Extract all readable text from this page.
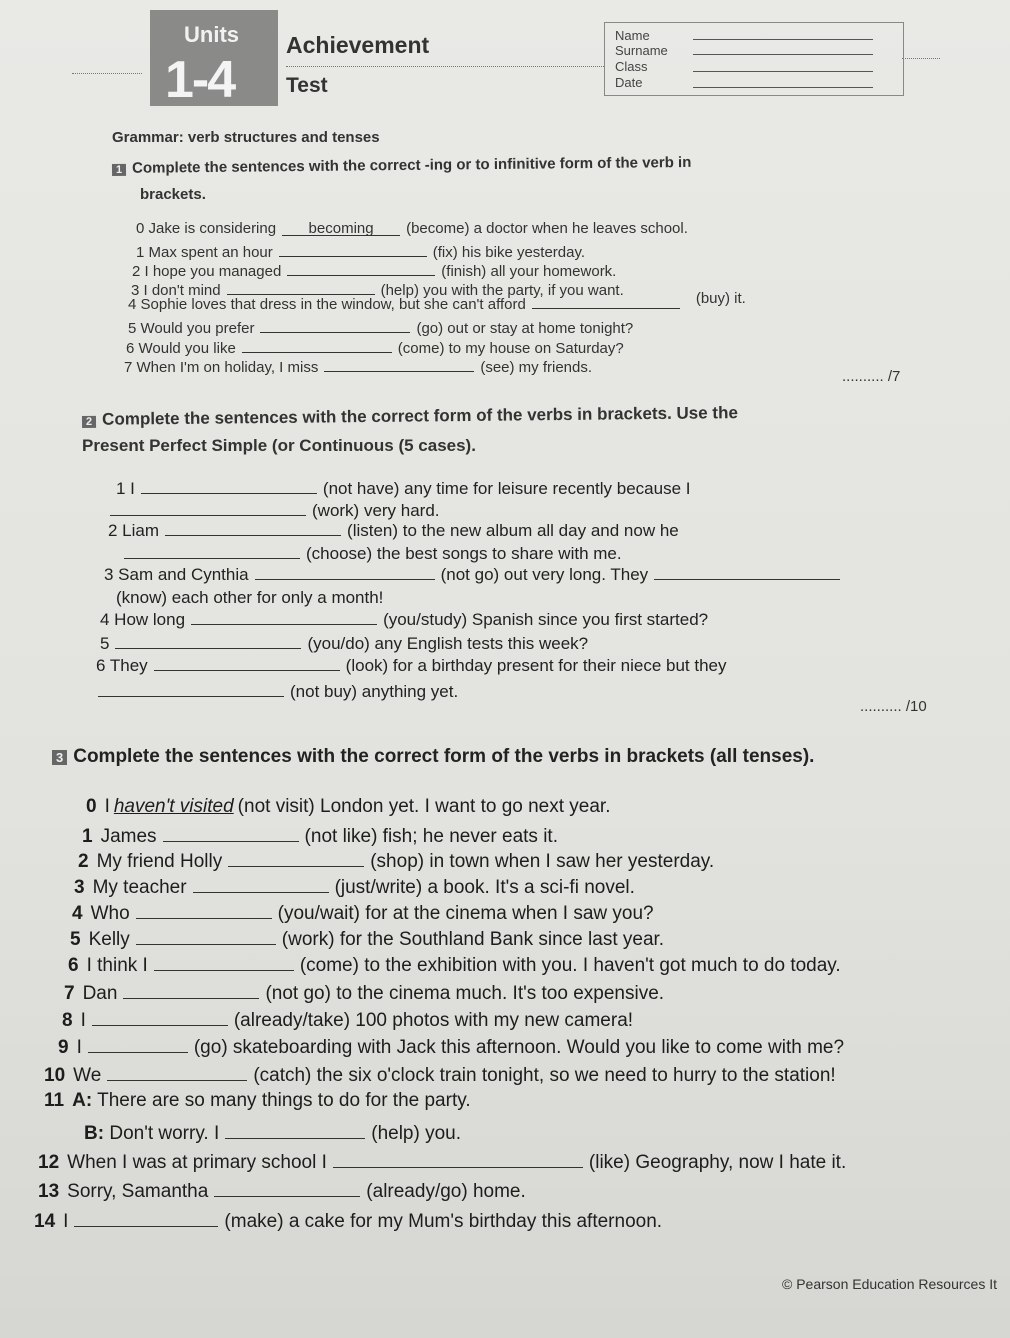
Units
1-4
Achievement
Test
Name
Surname
Class
Date
Grammar: verb structures and tenses
1 Complete the sentences with the correct -ing or to infinitive form of the verb in
brackets.
.......... /7
2 Complete the sentences with the correct form of the verbs in brackets. Use the
Present Perfect Simple (or Continuous (5 cases).
.......... /10
3 Complete the sentences with the correct form of the verbs in brackets (all tenses).
© Pearson Education Resources It
0 Jake is considering becoming (become) a doctor when he leaves school.
1 Max spent an hour	(fix) his bike yesterday.
2 I hope you managed	(finish) all your homework.
3 I don't mind	(help) you with the party, if you want.
4 Sophie loves that dress in the window, but she can't afford	(buy) it.
5 Would you prefer	(go) out or stay at home tonight?
6 Would you like	(come) to my house on Saturday?
7 When I'm on holiday, I miss	(see) my friends.
1 I	(not have) any time for leisure recently because I
(work) very hard.
2 Liam	(listen) to the new album all day and now he
(choose) the best songs to share with me.
3 Sam and Cynthia	(not go) out very long. They
(know) each other for only a month!
4 How long	(you/study) Spanish since you first started?
5	(you/do) any English tests this week?
6 They	(look) for a birthday present for their niece but they
(not buy) anything yet.
0 I haven't visited (not visit) London yet. I want to go next year.
1 James	(not like) fish; he never eats it.
2 My friend Holly	(shop) in town when I saw her yesterday.
3 My teacher	(just/write) a book. It's a sci-fi novel.
4 Who	(you/wait) for at the cinema when I saw you?
5 Kelly	(work) for the Southland Bank since last year.
6 I think I	(come) to the exhibition with you. I haven't got much to do today.
7 Dan	(not go) to the cinema much. It's too expensive.
8 I	(already/take) 100 photos with my new camera!
9 I	(go) skateboarding with Jack this afternoon. Would you like to come with me?
10 We	(catch) the six o'clock train tonight, so we need to hurry to the station!
11 A: There are so many things to do for the party.
B: Don't worry. I	(help) you.
12 When I was at primary school I	(like) Geography, now I hate it.
13 Sorry, Samantha	(already/go) home.
14 I	(make) a cake for my Mum's birthday this afternoon.
